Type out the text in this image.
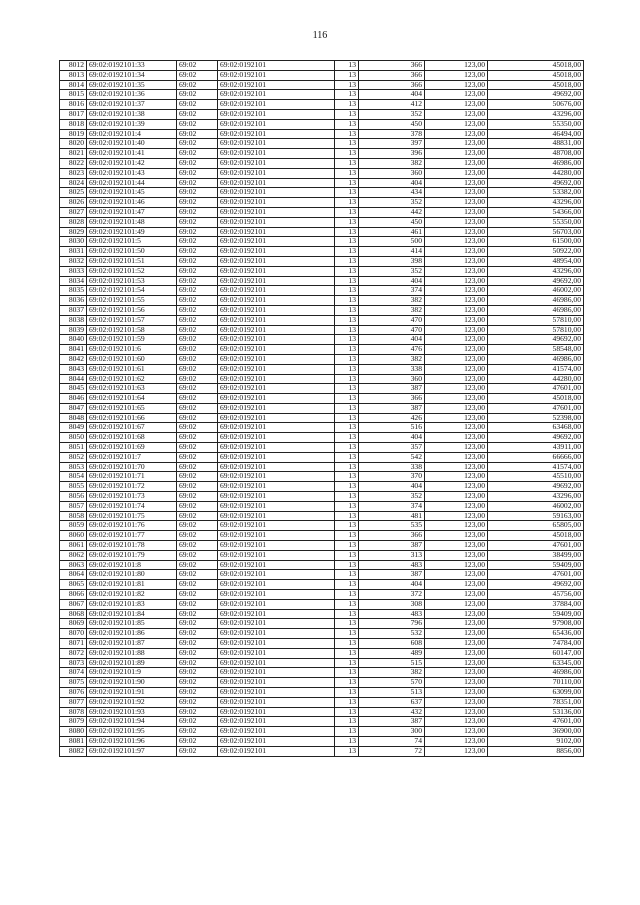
116
8012	69:02:0192101:33	69:02	69:02:0192101	13	366	123,00	45018,00
8013	69:02:0192101:34	69:02	69:02:0192101	13	366	123,00	45018,00
8014	69:02:0192101:35	69:02	69:02:0192101	13	366	123,00	45018,00
8015	69:02:0192101:36	69:02	69:02:0192101	13	404	123,00	49692,00
8016	69:02:0192101:37	69:02	69:02:0192101	13	412	123,00	50676,00
8017	69:02:0192101:38	69:02	69:02:0192101	13	352	123,00	43296,00
8018	69:02:0192101:39	69:02	69:02:0192101	13	450	123,00	55350,00
8019	69:02:0192101:4	69:02	69:02:0192101	13	378	123,00	46494,00
8020	69:02:0192101:40	69:02	69:02:0192101	13	397	123,00	48831,00
8021	69:02:0192101:41	69:02	69:02:0192101	13	396	123,00	48708,00
8022	69:02:0192101:42	69:02	69:02:0192101	13	382	123,00	46986,00
8023	69:02:0192101:43	69:02	69:02:0192101	13	360	123,00	44280,00
8024	69:02:0192101:44	69:02	69:02:0192101	13	404	123,00	49692,00
8025	69:02:0192101:45	69:02	69:02:0192101	13	434	123,00	53382,00
8026	69:02:0192101:46	69:02	69:02:0192101	13	352	123,00	43296,00
8027	69:02:0192101:47	69:02	69:02:0192101	13	442	123,00	54366,00
8028	69:02:0192101:48	69:02	69:02:0192101	13	450	123,00	55350,00
8029	69:02:0192101:49	69:02	69:02:0192101	13	461	123,00	56703,00
8030	69:02:0192101:5	69:02	69:02:0192101	13	500	123,00	61500,00
8031	69:02:0192101:50	69:02	69:02:0192101	13	414	123,00	50922,00
8032	69:02:0192101:51	69:02	69:02:0192101	13	398	123,00	48954,00
8033	69:02:0192101:52	69:02	69:02:0192101	13	352	123,00	43296,00
8034	69:02:0192101:53	69:02	69:02:0192101	13	404	123,00	49692,00
8035	69:02:0192101:54	69:02	69:02:0192101	13	374	123,00	46002,00
8036	69:02:0192101:55	69:02	69:02:0192101	13	382	123,00	46986,00
8037	69:02:0192101:56	69:02	69:02:0192101	13	382	123,00	46986,00
8038	69:02:0192101:57	69:02	69:02:0192101	13	470	123,00	57810,00
8039	69:02:0192101:58	69:02	69:02:0192101	13	470	123,00	57810,00
8040	69:02:0192101:59	69:02	69:02:0192101	13	404	123,00	49692,00
8041	69:02:0192101:6	69:02	69:02:0192101	13	476	123,00	58548,00
8042	69:02:0192101:60	69:02	69:02:0192101	13	382	123,00	46986,00
8043	69:02:0192101:61	69:02	69:02:0192101	13	338	123,00	41574,00
8044	69:02:0192101:62	69:02	69:02:0192101	13	360	123,00	44280,00
8045	69:02:0192101:63	69:02	69:02:0192101	13	387	123,00	47601,00
8046	69:02:0192101:64	69:02	69:02:0192101	13	366	123,00	45018,00
8047	69:02:0192101:65	69:02	69:02:0192101	13	387	123,00	47601,00
8048	69:02:0192101:66	69:02	69:02:0192101	13	426	123,00	52398,00
8049	69:02:0192101:67	69:02	69:02:0192101	13	516	123,00	63468,00
8050	69:02:0192101:68	69:02	69:02:0192101	13	404	123,00	49692,00
8051	69:02:0192101:69	69:02	69:02:0192101	13	357	123,00	43911,00
8052	69:02:0192101:7	69:02	69:02:0192101	13	542	123,00	66666,00
8053	69:02:0192101:70	69:02	69:02:0192101	13	338	123,00	41574,00
8054	69:02:0192101:71	69:02	69:02:0192101	13	370	123,00	45510,00
8055	69:02:0192101:72	69:02	69:02:0192101	13	404	123,00	49692,00
8056	69:02:0192101:73	69:02	69:02:0192101	13	352	123,00	43296,00
8057	69:02:0192101:74	69:02	69:02:0192101	13	374	123,00	46002,00
8058	69:02:0192101:75	69:02	69:02:0192101	13	481	123,00	59163,00
8059	69:02:0192101:76	69:02	69:02:0192101	13	535	123,00	65805,00
8060	69:02:0192101:77	69:02	69:02:0192101	13	366	123,00	45018,00
8061	69:02:0192101:78	69:02	69:02:0192101	13	387	123,00	47601,00
8062	69:02:0192101:79	69:02	69:02:0192101	13	313	123,00	38499,00
8063	69:02:0192101:8	69:02	69:02:0192101	13	483	123,00	59409,00
8064	69:02:0192101:80	69:02	69:02:0192101	13	387	123,00	47601,00
8065	69:02:0192101:81	69:02	69:02:0192101	13	404	123,00	49692,00
8066	69:02:0192101:82	69:02	69:02:0192101	13	372	123,00	45756,00
8067	69:02:0192101:83	69:02	69:02:0192101	13	308	123,00	37884,00
8068	69:02:0192101:84	69:02	69:02:0192101	13	483	123,00	59409,00
8069	69:02:0192101:85	69:02	69:02:0192101	13	796	123,00	97908,00
8070	69:02:0192101:86	69:02	69:02:0192101	13	532	123,00	65436,00
8071	69:02:0192101:87	69:02	69:02:0192101	13	608	123,00	74784,00
8072	69:02:0192101:88	69:02	69:02:0192101	13	489	123,00	60147,00
8073	69:02:0192101:89	69:02	69:02:0192101	13	515	123,00	63345,00
8074	69:02:0192101:9	69:02	69:02:0192101	13	382	123,00	46986,00
8075	69:02:0192101:90	69:02	69:02:0192101	13	570	123,00	70110,00
8076	69:02:0192101:91	69:02	69:02:0192101	13	513	123,00	63099,00
8077	69:02:0192101:92	69:02	69:02:0192101	13	637	123,00	78351,00
8078	69:02:0192101:93	69:02	69:02:0192101	13	432	123,00	53136,00
8079	69:02:0192101:94	69:02	69:02:0192101	13	387	123,00	47601,00
8080	69:02:0192101:95	69:02	69:02:0192101	13	300	123,00	36900,00
8081	69:02:0192101:96	69:02	69:02:0192101	13	74	123,00	9102,00
8082	69:02:0192101:97	69:02	69:02:0192101	13	72	123,00	8856,00
